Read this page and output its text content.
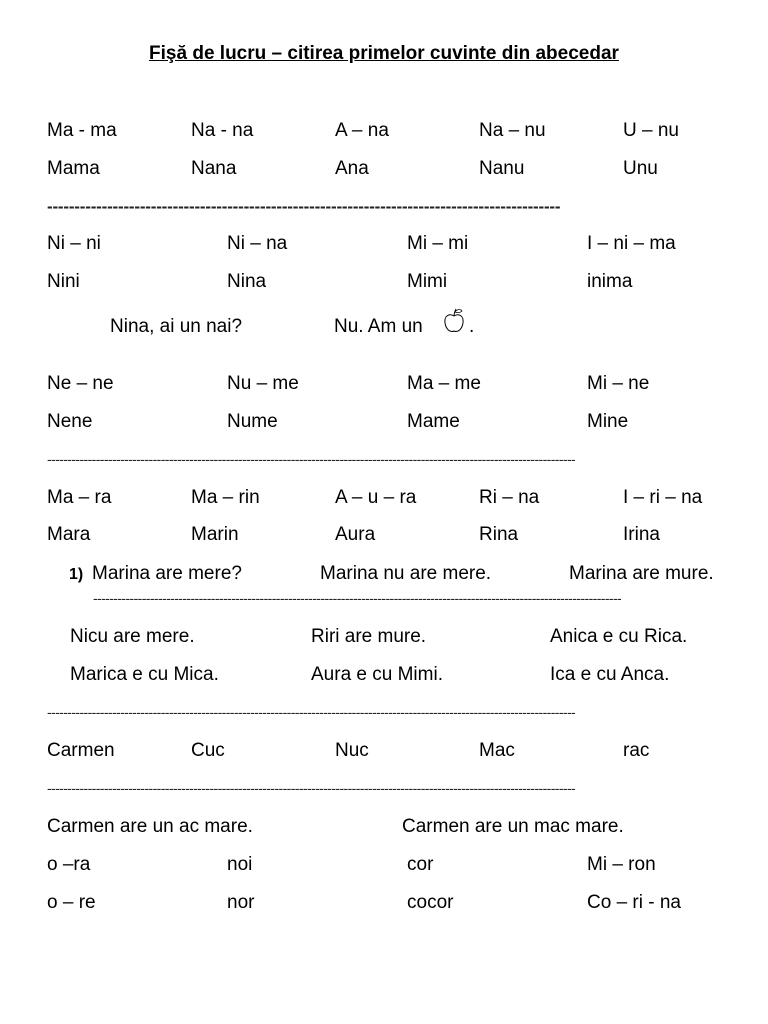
Fişă de lucru – citirea primelor cuvinte din abecedar
Ma - ma	Na - na	A – na	Na – nu	U – nu
Mama	Nana	Ana	Nanu	Unu
----------------------------------------------------------------------------------------------
Ni – ni	Ni – na	Mi – mi	I – ni – ma
Nini	Nina	Mimi	inima
Nina, ai un nai?	Nu. Am un .
Ne – ne	Nu – me	Ma – me	Mi – ne
Nene	Nume	Mame	Mine
----------------------------------------------------------------------------------------------------------------------------------
Ma – ra	Ma – rin	A – u – ra	Ri – na	I – ri – na
Mara	Marin	Aura	Rina	Irina
1) Marina are mere?	Marina nu are mere.	Marina are mure.
----------------------------------------------------------------------------------------------------------------------------------
Nicu are mere.	Riri are mure.	Anica e cu Rica.
Marica e cu Mica.	Aura e cu Mimi.	Ica e cu Anca.
----------------------------------------------------------------------------------------------------------------------------------
Carmen	Cuc	Nuc	Mac	rac
----------------------------------------------------------------------------------------------------------------------------------
Carmen are un ac mare.	Carmen are un mac mare.
o –ra	noi	cor	Mi – ron
o – re	nor	cocor	Co – ri - na
